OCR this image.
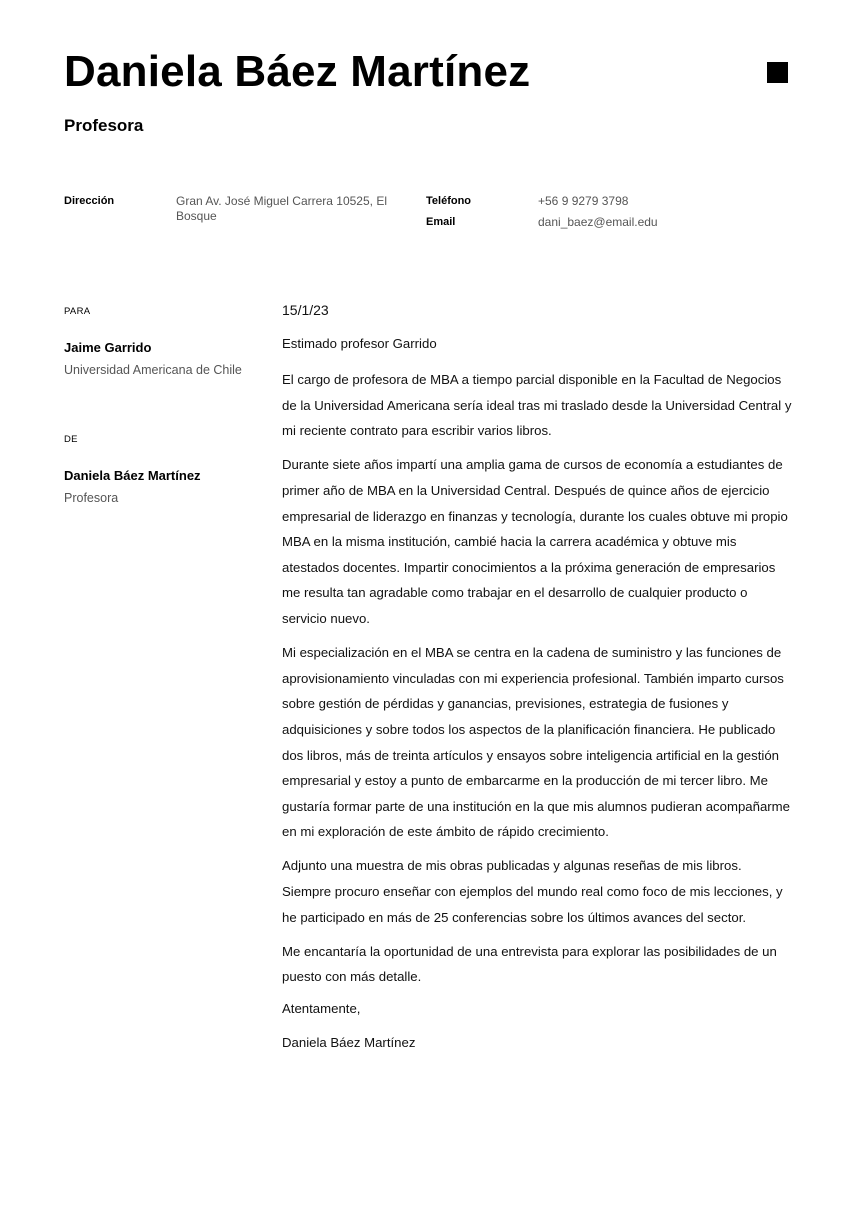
Daniela Báez Martínez
Profesora
Dirección	Gran Av. José Miguel Carrera 10525, El Bosque
Teléfono	+56 9 9279 3798
Email	dani_baez@email.edu
PARA
Jaime Garrido
Universidad Americana de Chile
DE
Daniela Báez Martínez
Profesora

15/1/23

Estimado profesor Garrido

El cargo de profesora de MBA a tiempo parcial disponible en la Facultad de Negocios de la Universidad Americana sería ideal tras mi traslado desde la Universidad Central y mi reciente contrato para escribir varios libros.

Durante siete años impartí una amplia gama de cursos de economía a estudiantes de primer año de MBA en la Universidad Central. Después de quince años de ejercicio empresarial de liderazgo en finanzas y tecnología, durante los cuales obtuve mi propio MBA en la misma institución, cambié hacia la carrera académica y obtuve mis atestados docentes. Impartir conocimientos a la próxima generación de empresarios me resulta tan agradable como trabajar en el desarrollo de cualquier producto o servicio nuevo.

Mi especialización en el MBA se centra en la cadena de suministro y las funciones de aprovisionamiento vinculadas con mi experiencia profesional. También imparto cursos sobre gestión de pérdidas y ganancias, previsiones, estrategia de fusiones y adquisiciones y sobre todos los aspectos de la planificación financiera. He publicado dos libros, más de treinta artículos y ensayos sobre inteligencia artificial en la gestión empresarial y estoy a punto de embarcarme en la producción de mi tercer libro. Me gustaría formar parte de una institución en la que mis alumnos pudieran acompañarme en mi exploración de este ámbito de rápido crecimiento.

Adjunto una muestra de mis obras publicadas y algunas reseñas de mis libros. Siempre procuro enseñar con ejemplos del mundo real como foco de mis lecciones, y he participado en más de 25 conferencias sobre los últimos avances del sector.

Me encantaría la oportunidad de una entrevista para explorar las posibilidades de un puesto con más detalle.

Atentamente,

Daniela Báez Martínez
